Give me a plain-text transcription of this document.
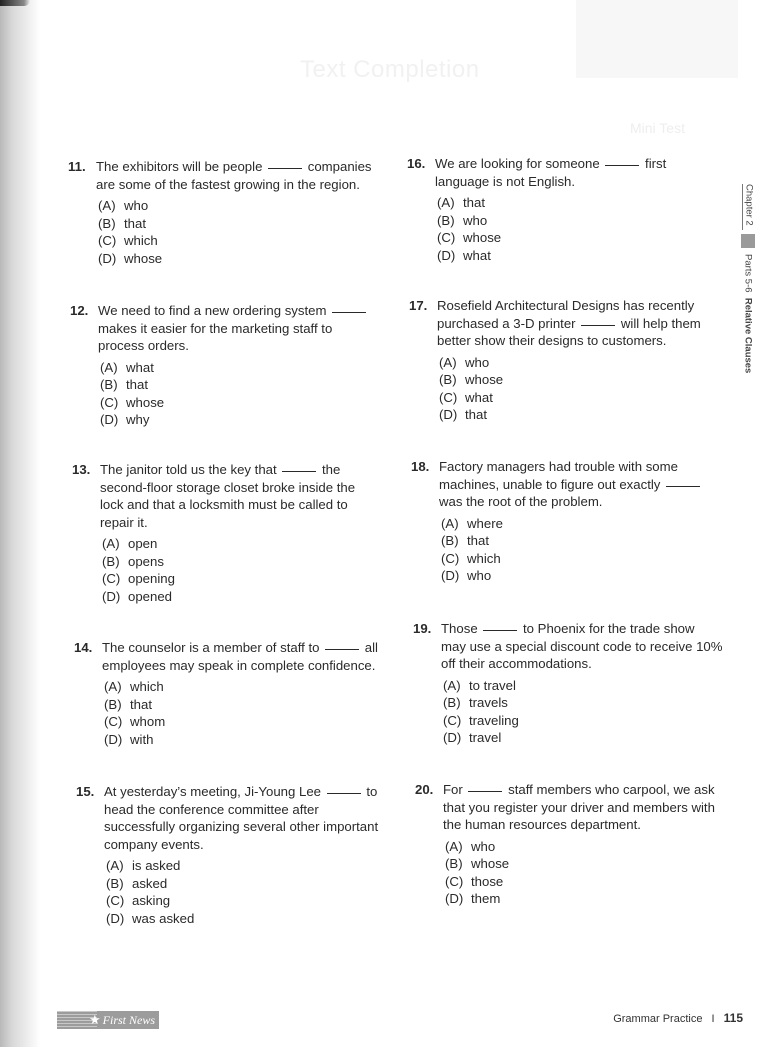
Text Completion
Mini Test
Chapter 2
Parts 5-6  Relative Clauses
11. The exhibitors will be people	companies are some of the fastest growing in the region.
(A) who
(B) that
(C) which
(D) whose
12. We need to find a new ordering system  makes it easier for the marketing staff to process orders.
(A) what
(B) that
(C) whose
(D) why
13. The janitor told us the key that	the second-floor storage closet broke inside the lock and that a locksmith must be called to repair it.
(A) open
(B) opens
(C) opening
(D) opened
14. The counselor is a member of staff to	all employees may speak in complete confidence.
(A) which
(B) that
(C) whom
(D) with
15. At yesterday’s meeting, Ji-Young Lee	to head the conference committee after successfully organizing several other important company events.
(A) is asked
(B) asked
(C) asking
(D) was asked
16. We are looking for someone	first language is not English.
(A) that
(B) who
(C) whose
(D) what
17. Rosefield Architectural Designs has recently purchased a 3-D printer	will help them better show their designs to customers.
(A) who
(B) whose
(C) what
(D) that
18. Factory managers had trouble with some machines, unable to figure out exactly  was the root of the problem.
(A) where
(B) that
(C) which
(D) who
19. Those	to Phoenix for the trade show may use a special discount code to receive 10% off their accommodations.
(A) to travel
(B) travels
(C) traveling
(D) travel
20. For	staff members who carpool, we ask that you register your driver and members with the human resources department.
(A) who
(B) whose
(C) those
(D) them
★ First News	Grammar Practice I 115
